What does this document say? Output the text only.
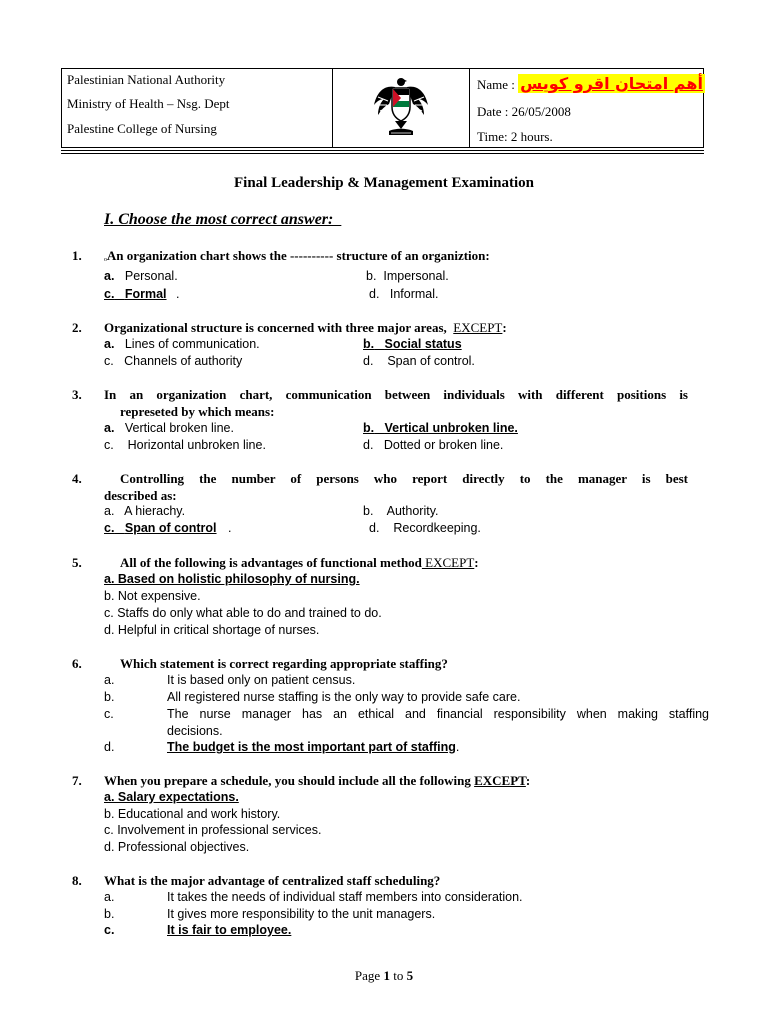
Palestinian National Authority
Ministry of Health – Nsg. Dept
Palestine College of Nursing
Name : أهم امتحان اقرو كويس
Date : 26/05/2008
Time: 2 hours.
Final Leadership & Management Examination
I. Choose the most correct answer:
1. ₒAn organization chart shows the ---------- structure of an organiztion:
a. Personal.	b. Impersonal.
c. Formal .	d. Informal.
2. Organizational structure is concerned with three major areas, EXCEPT:
a. Lines of communication.	b. Social status
c. Channels of authority	d. Span of control.
3. In an organization chart, communication between individuals with different positions is
represeted by which means:
a. Vertical broken line.	b. Vertical unbroken line.
c. Horizontal unbroken line.	d. Dotted or broken line.
4.	Controlling the number of persons who report directly to the manager is best
described as:
a. A hierachy.	b. Authority.
c. Span of control .	d. Recordkeeping.
5.	All of the following is advantages of functional method EXCEPT:
a. Based on holistic philosophy of nursing.
b. Not expensive.
c. Staffs do only what able to do and trained to do.
d. Helpful in critical shortage of nurses.
6.	Which statement is correct regarding appropriate staffing?
a.	It is based only on patient census.
b.	All registered nurse staffing is the only way to provide safe care.
c.	The nurse manager has an ethical and financial responsibility when making staffing
decisions.
d.	The budget is the most important part of staffing.
7. When you prepare a schedule, you should include all the following EXCEPT:
a. Salary expectations.
b. Educational and work history.
c. Involvement in professional services.
d. Professional objectives.
8. What is the major advantage of centralized staff scheduling?
a.	It takes the needs of individual staff members into consideration.
b.	It gives more responsibility to the unit managers.
c.	It is fair to employee.
Page 1 to 5
